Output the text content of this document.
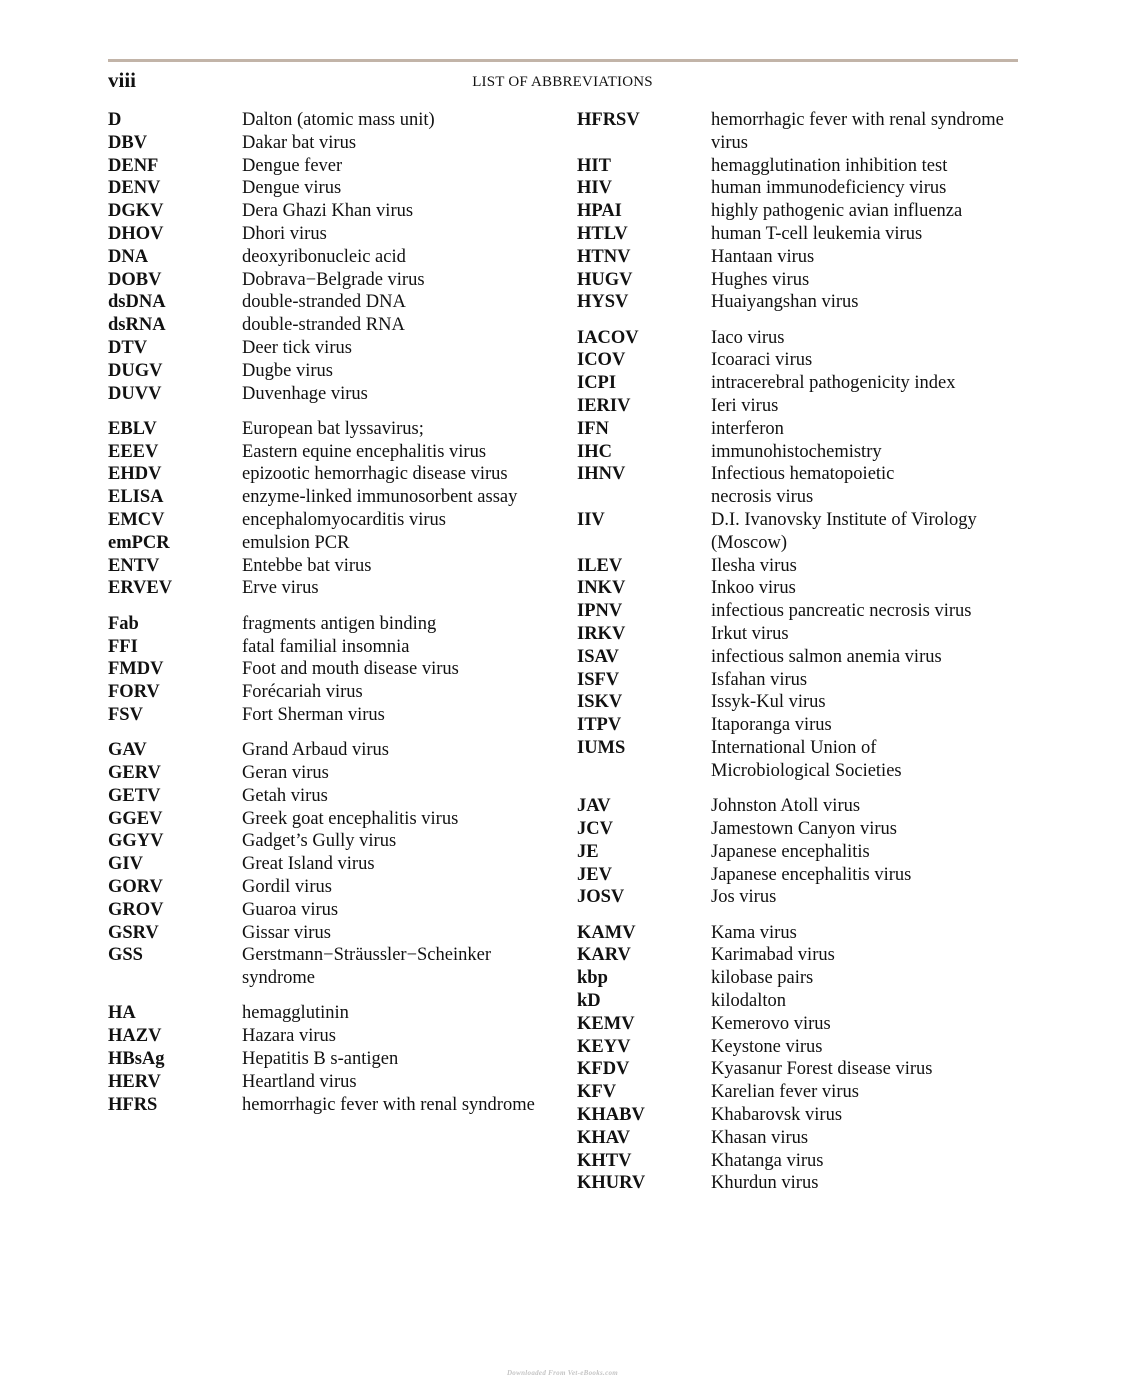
viii	LIST OF ABBREVIATIONS
D	Dalton (atomic mass unit)
DBV	Dakar bat virus
DENF	Dengue fever
DENV	Dengue virus
DGKV	Dera Ghazi Khan virus
DHOV	Dhori virus
DNA	deoxyribonucleic acid
DOBV	Dobrava−Belgrade virus
dsDNA	double-stranded DNA
dsRNA	double-stranded RNA
DTV	Deer tick virus
DUGV	Dugbe virus
DUVV	Duvenhage virus
EBLV	European bat lyssavirus;
EEEV	Eastern equine encephalitis virus
EHDV	epizootic hemorrhagic disease virus
ELISA	enzyme-linked immunosorbent assay
EMCV	encephalomyocarditis virus
emPCR	emulsion PCR
ENTV	Entebbe bat virus
ERVEV	Erve virus
Fab	fragments antigen binding
FFI	fatal familial insomnia
FMDV	Foot and mouth disease virus
FORV	Forécariah virus
FSV	Fort Sherman virus
GAV	Grand Arbaud virus
GERV	Geran virus
GETV	Getah virus
GGEV	Greek goat encephalitis virus
GGYV	Gadget’s Gully virus
GIV	Great Island virus
GORV	Gordil virus
GROV	Guaroa virus
GSRV	Gissar virus
GSS	Gerstmann−Sträussler−Scheinker syndrome
HA	hemagglutinin
HAZV	Hazara virus
HBsAg	Hepatitis B s-antigen
HERV	Heartland virus
HFRS	hemorrhagic fever with renal syndrome
HFRSV	hemorrhagic fever with renal syndrome virus
HIT	hemagglutination inhibition test
HIV	human immunodeficiency virus
HPAI	highly pathogenic avian influenza
HTLV	human T-cell leukemia virus
HTNV	Hantaan virus
HUGV	Hughes virus
HYSV	Huaiyangshan virus
IACOV	Iaco virus
ICOV	Icoaraci virus
ICPI	intracerebral pathogenicity index
IERIV	Ieri virus
IFN	interferon
IHC	immunohistochemistry
IHNV	Infectious hematopoietic
necrosis virus
IIV	D.I. Ivanovsky Institute of Virology (Moscow)
ILEV	Ilesha virus
INKV	Inkoo virus
IPNV	infectious pancreatic necrosis virus
IRKV	Irkut virus
ISAV	infectious salmon anemia virus
ISFV	Isfahan virus
ISKV	Issyk-Kul virus
ITPV	Itaporanga virus
IUMS	International Union of
Microbiological Societies
JAV	Johnston Atoll virus
JCV	Jamestown Canyon virus
JE	Japanese encephalitis
JEV	Japanese encephalitis virus
JOSV	Jos virus
KAMV	Kama virus
KARV	Karimabad virus
kbp	kilobase pairs
kD	kilodalton
KEMV	Kemerovo virus
KEYV	Keystone virus
KFDV	Kyasanur Forest disease virus
KFV	Karelian fever virus
KHABV	Khabarovsk virus
KHAV	Khasan virus
KHTV	Khatanga virus
KHURV	Khurdun virus
Downloaded From Vet-eBooks.com
